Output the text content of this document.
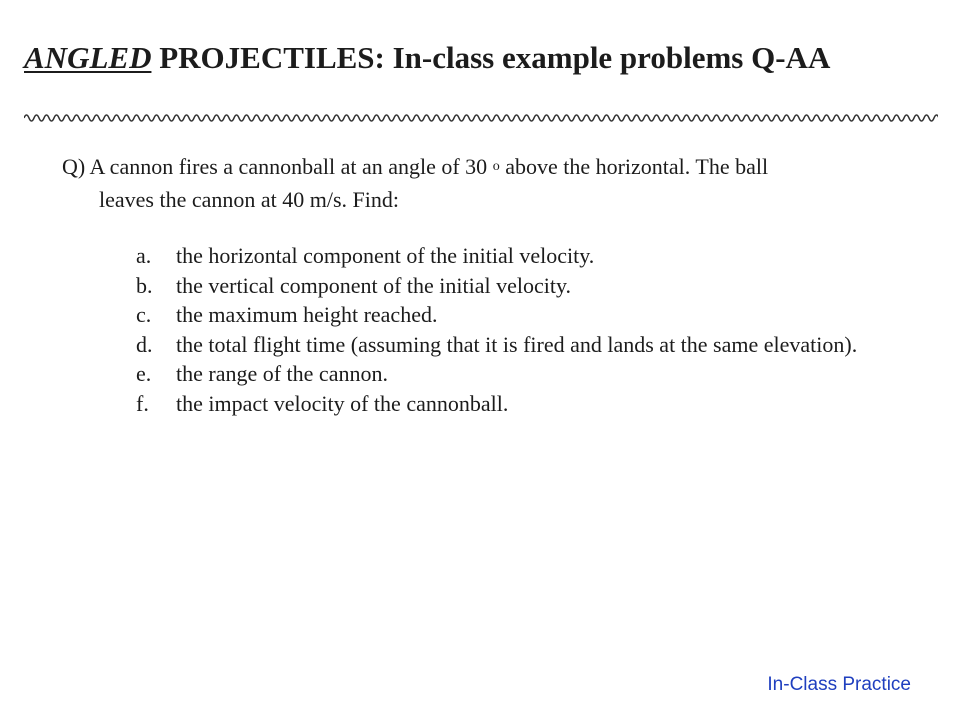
ANGLED PROJECTILES: In-class example problems Q-AA
Q) A cannon fires a cannonball at an angle of 30 $^o$ above the horizontal. The ball
leaves the cannon at 40 m/s. Find:
a. the horizontal component of the initial velocity.
b. the vertical component of the initial velocity.
c. the maximum height reached.
d. the total flight time (assuming that it is fired and lands at the same elevation).
e. the range of the cannon.
f. the impact velocity of the cannonball.
In-Class Practice
